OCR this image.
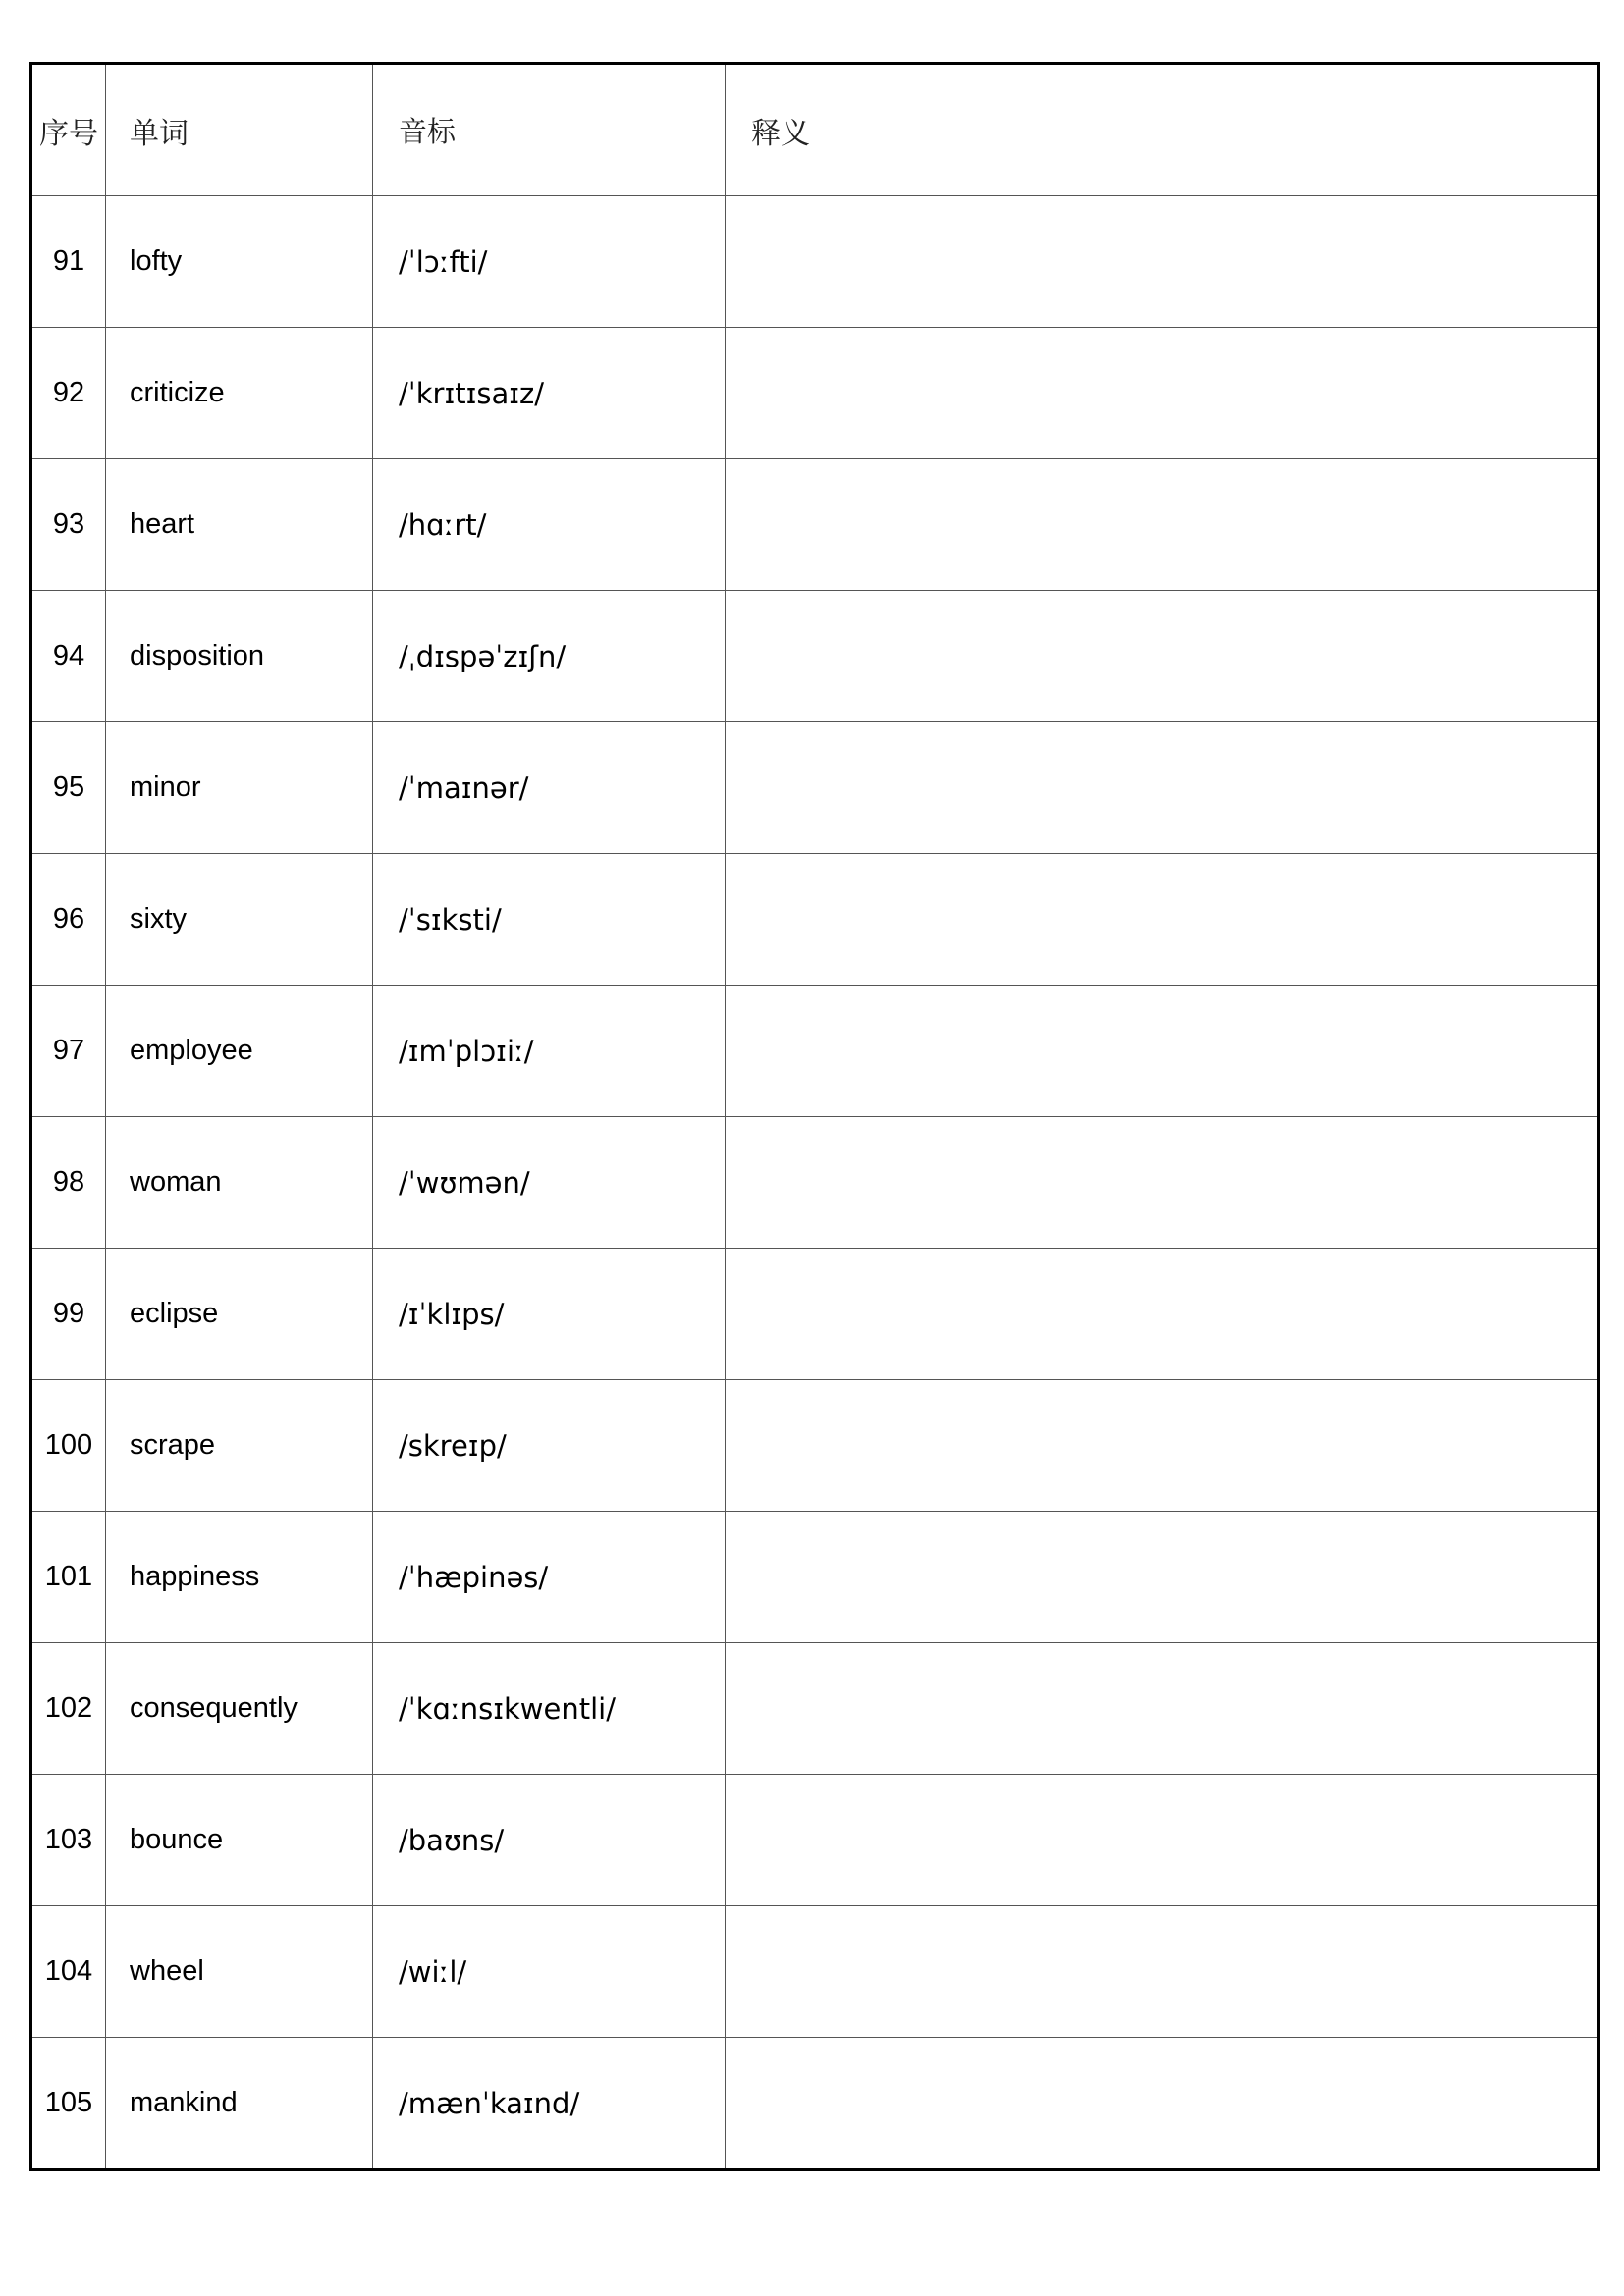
序号	单词	音标	释义
91	lofty	/ˈlɔːfti/	
92	criticize	/ˈkrɪtɪsaɪz/	
93	heart	/hɑːrt/	
94	disposition	/ˌdɪspəˈzɪʃn/	
95	minor	/ˈmaɪnər/	
96	sixty	/ˈsɪksti/	
97	employee	/ɪmˈplɔɪiː/	
98	woman	/ˈwʊmən/	
99	eclipse	/ɪˈklɪps/	
100	scrape	/skreɪp/	
101	happiness	/ˈhæpinəs/	
102	consequently	/ˈkɑːnsɪkwentli/	
103	bounce	/baʊns/	
104	wheel	/wiːl/	
105	mankind	/mænˈkaɪnd/	
